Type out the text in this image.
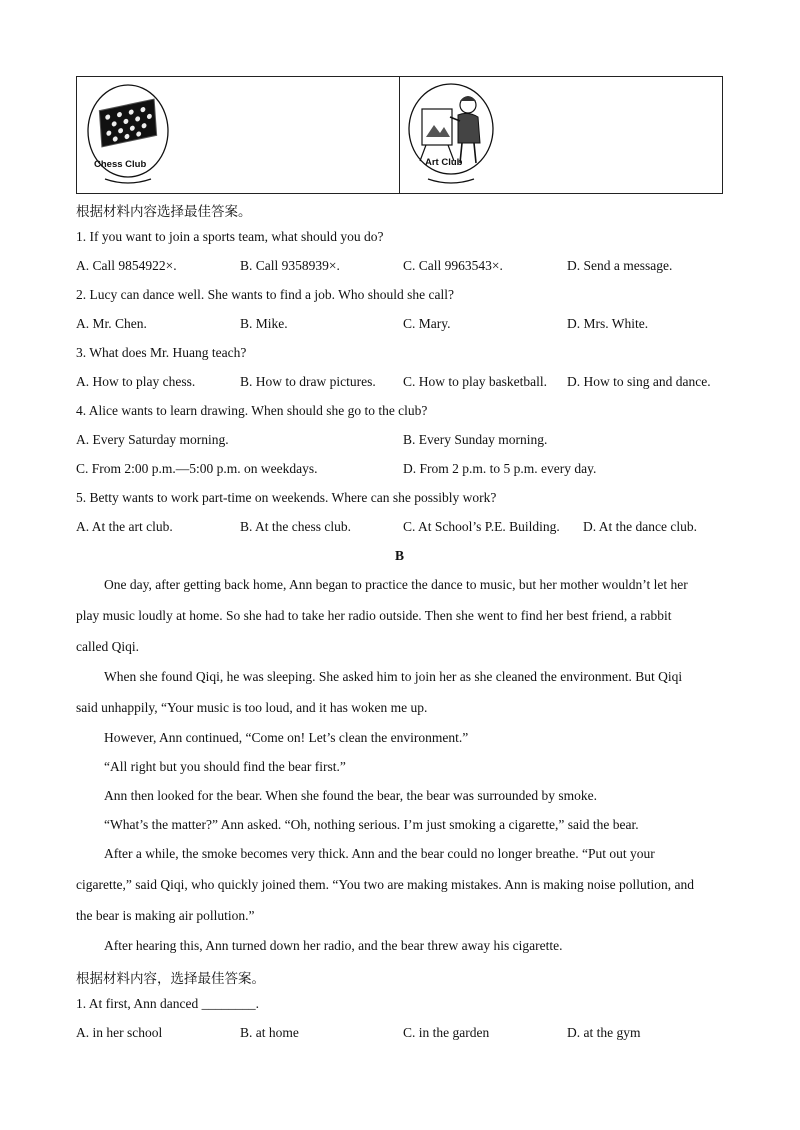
Chess Club	Art Club
根据材料内容选择最佳答案。
1. If you want to join a sports team, what should you do?
A. Call 9854922×.	B. Call 9358939×.	C. Call 9963543×.	D. Send a message.
2. Lucy can dance well. She wants to find a job. Who should she call?
A. Mr. Chen.	B. Mike.	C. Mary.	D. Mrs. White.
3. What does Mr. Huang teach?
A. How to play chess.	B. How to draw pictures. C. How to play basketball. D. How to sing and dance.
4. Alice wants to learn drawing. When should she go to the club?
A. Every Saturday morning.	B. Every Sunday morning.
C. From 2:00 p.m.—5:00 p.m. on weekdays.	D. From 2 p.m. to 5 p.m. every day.
5. Betty wants to work part-time on weekends. Where can she possibly work?
A. At the art club.	B. At the chess club.	C. At School’s P.E. Building. D. At the dance club.
B
One day, after getting back home, Ann began to practice the dance to music, but her mother wouldn’t let her
play music loudly at home. So she had to take her radio outside. Then she went to find her best friend, a rabbit
called Qiqi.
When she found Qiqi, he was sleeping. She asked him to join her as she cleaned the environment. But Qiqi
said unhappily, “Your music is too loud, and it has woken me up.
However, Ann continued, “Come on! Let’s clean the environment.”
“All right but you should find the bear first.”
Ann then looked for the bear. When she found the bear, the bear was surrounded by smoke.
“What’s the matter?” Ann asked. “Oh, nothing serious. I’m just smoking a cigarette,” said the bear.
After a while, the smoke becomes very thick. Ann and the bear could no longer breathe. “Put out your
cigarette,” said Qiqi, who quickly joined them. “You two are making mistakes. Ann is making noise pollution, and
the bear is making air pollution.”
After hearing this, Ann turned down her radio, and the bear threw away his cigarette.
根据材料内容，选择最佳答案。
1. At first, Ann danced ________.
A. in her school	B. at home	C. in the garden	D. at the gym
